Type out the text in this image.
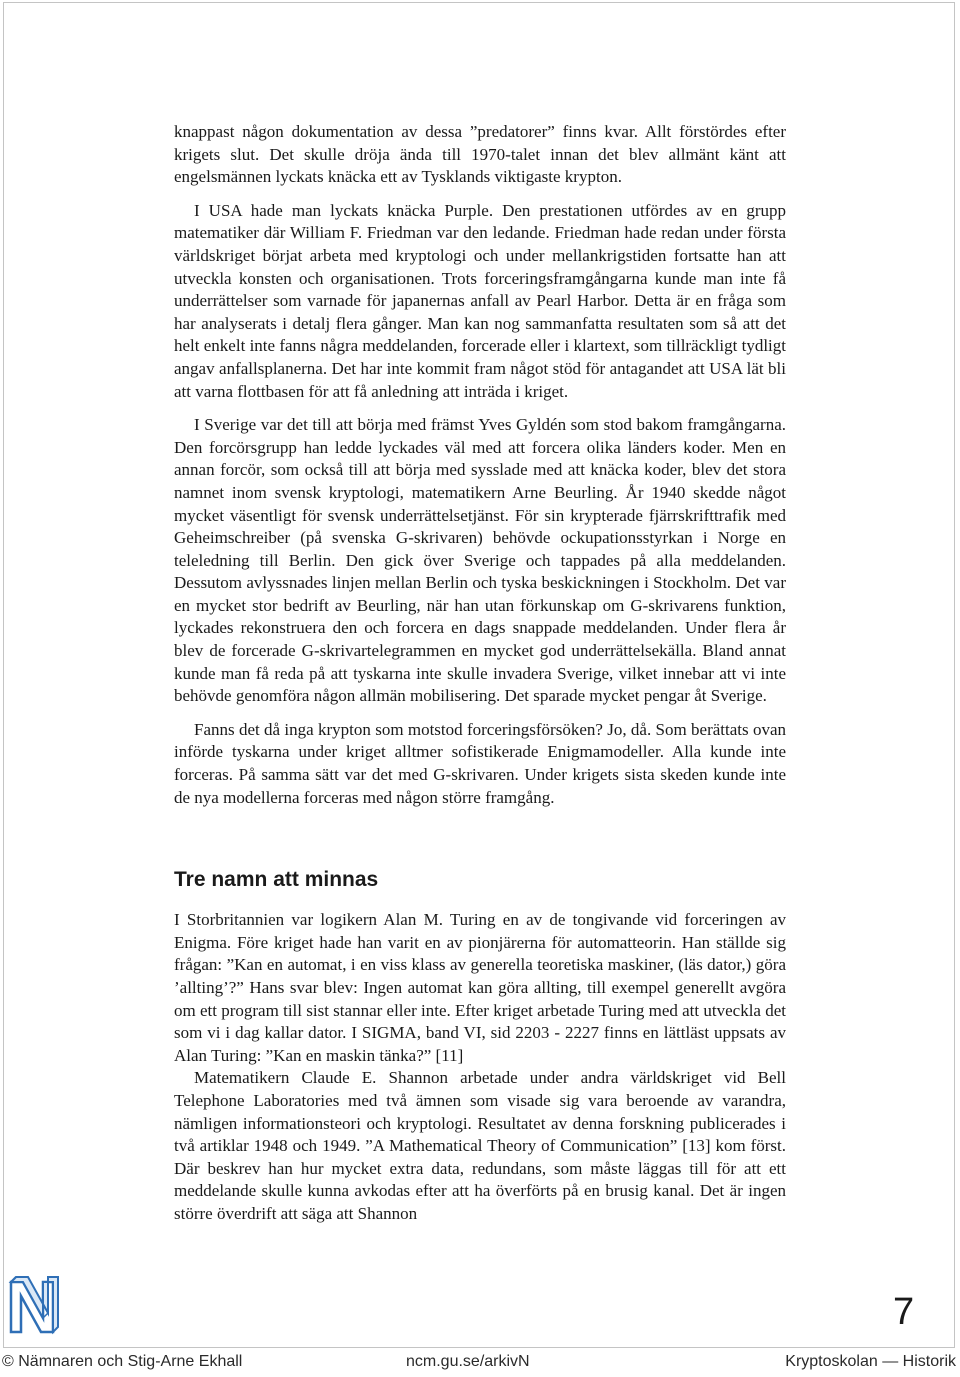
knappast någon dokumentation av dessa ”predatorer” finns kvar. Allt förstördes efter krigets slut. Det skulle dröja ända till 1970-talet innan det blev allmänt känt att engelsmännen lyckats knäcka ett av Tysklands viktigaste krypton.

I USA hade man lyckats knäcka Purple. Den prestationen utfördes av en grupp matematiker där William F. Friedman var den ledande. Friedman hade redan under första världskriget börjat arbeta med kryptologi och under mellankrigstiden fortsatte han att utveckla konsten och organisationen. Trots forceringsframgångarna kunde man inte få underrättelser som varnade för japanernas anfall av Pearl Harbor. Detta är en fråga som har analyserats i detalj flera gånger. Man kan nog sammanfatta resultaten som så att det helt enkelt inte fanns några meddelanden, forcerade eller i klartext, som tillräckligt tydligt angav anfallsplanerna. Det har inte kommit fram något stöd för antagandet att USA lät bli att varna flottbasen för att få anledning att inträda i kriget.

I Sverige var det till att börja med främst Yves Gyldén som stod bakom framgångarna. Den forcörsgrupp han ledde lyckades väl med att forcera olika länders koder. Men en annan forcör, som också till att börja med sysslade med att knäcka koder, blev det stora namnet inom svensk kryptologi, matematikern Arne Beurling. År 1940 skedde något mycket väsentligt för svensk underrättelsetjänst. För sin krypterade fjärrskrifttrafik med Geheimschreiber (på svenska G-skrivaren) behövde ockupationsstyrkan i Norge en teleledning till Berlin. Den gick över Sverige och tappades på alla meddelanden. Dessutom avlyssnades linjen mellan Berlin och tyska beskickningen i Stockholm. Det var en mycket stor bedrift av Beurling, när han utan förkunskap om G-skrivarens funktion, lyckades rekonstruera den och forcera en dags snappade meddelanden. Under flera år blev de forcerade G-skrivartelegrammen en mycket god underrättelsekälla. Bland annat kunde man få reda på att tyskarna inte skulle invadera Sverige, vilket innebar att vi inte behövde genomföra någon allmän mobilisering. Det sparade mycket pengar åt Sverige.

Fanns det då inga krypton som motstod forceringsförsöken? Jo, då. Som berättats ovan införde tyskarna under kriget alltmer sofistikerade Enigmamodeller. Alla kunde inte forceras. På samma sätt var det med G-skrivaren. Under krigets sista skeden kunde inte de nya modellerna forceras med någon större framgång.

Tre namn att minnas

I Storbritannien var logikern Alan M. Turing en av de tongivande vid forceringen av Enigma. Före kriget hade han varit en av pionjärerna för automatteorin. Han ställde sig frågan: ”Kan en automat, i en viss klass av generella teoretiska maskiner, (läs dator,) göra ’allting’?” Hans svar blev: Ingen automat kan göra allting, till exempel generellt avgöra om ett program till sist stannar eller inte. Efter kriget arbetade Turing med att utveckla det som vi i dag kallar dator. I SIGMA, band VI, sid 2203 - 2227 finns en lättläst uppsats av Alan Turing: ”Kan en maskin tänka?” [11]

Matematikern Claude E. Shannon arbetade under andra världskriget vid Bell Telephone Laboratories med två ämnen som visade sig vara beroende av varandra, nämligen informationsteori och kryptologi. Resultatet av denna forskning publicerades i två artiklar 1948 och 1949. ”A Mathematical Theory of Communication” [13] kom först. Där beskrev han hur mycket extra data, redundans, som måste läggas till för att ett meddelande skulle kunna avkodas efter att ha överförts på en brusig kanal. Det är ingen större överdrift att säga att Shannon

7
© Nämnaren och Stig-Arne Ekhall	ncm.gu.se/arkivN	Kryptoskolan — Historik
